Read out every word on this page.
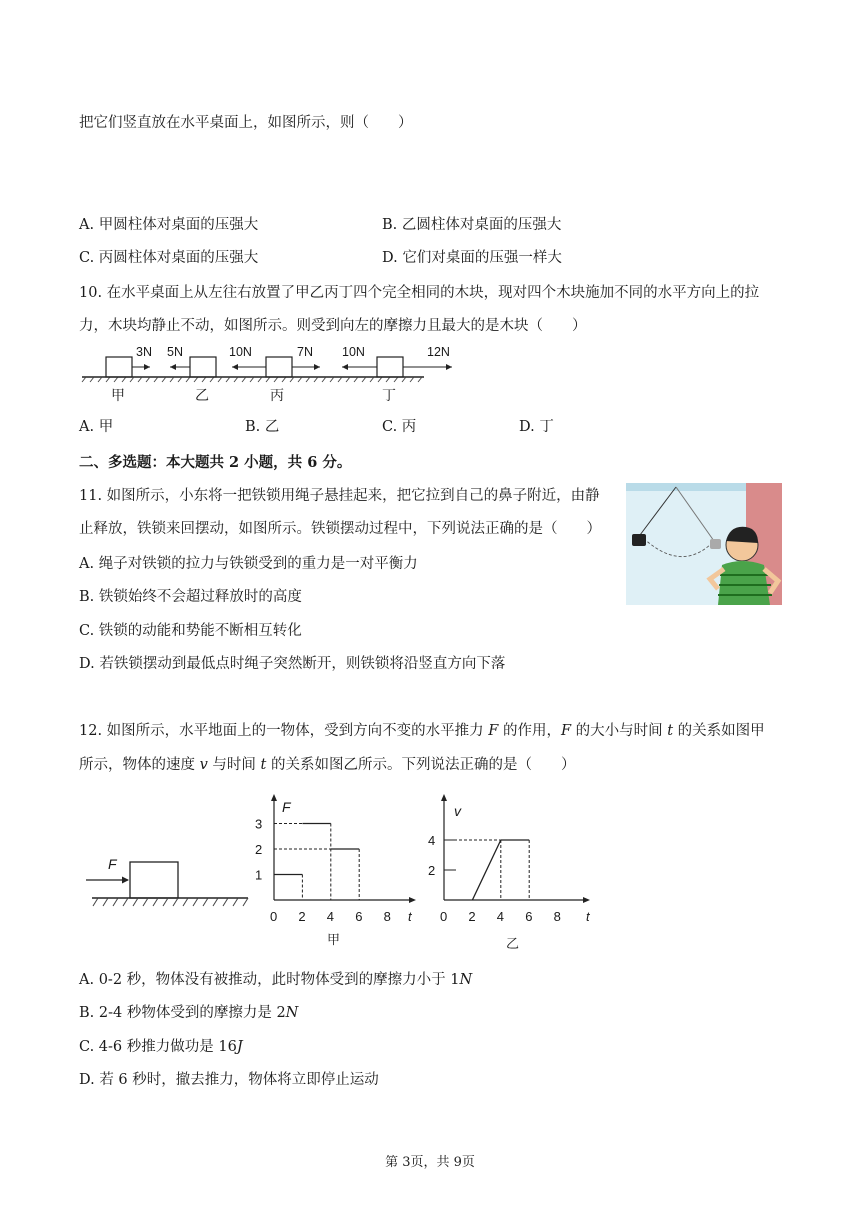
把它们竖直放在水平桌面上，如图所示，则（　　）
A. 甲圆柱体对桌面的压强大	B. 乙圆柱体对桌面的压强大
C. 丙圆柱体对桌面的压强大	D. 它们对桌面的压强一样大
10. 在水平桌面上从左往右放置了甲乙丙丁四个完全相同的木块，现对四个木块施加不同的水平方向上的拉
力，木块均静止不动，如图所示。则受到向左的摩擦力且最大的是木块（　　）
3N
甲
5N
乙
10N	7N
丙
10N	12N
丁
A. 甲	B. 乙	C. 丙	D. 丁
二、多选题：本大题共 2 小题，共 6 分。
11. 如图所示，小东将一把铁锁用绳子悬挂起来，把它拉到自己的鼻子附近，由静
止释放，铁锁来回摆动，如图所示。铁锁摆动过程中，下列说法正确的是（　　）
A. 绳子对铁锁的拉力与铁锁受到的重力是一对平衡力
B. 铁锁始终不会超过释放时的高度
C. 铁锁的动能和势能不断相互转化
D. 若铁锁摆动到最低点时绳子突然断开，则铁锁将沿竖直方向下落
12. 如图所示，水平地面上的一物体，受到方向不变的水平推力 F 的作用，F 的大小与时间 t 的关系如图甲
所示，物体的速度 v 与时间 t 的关系如图乙所示。下列说法正确的是（　　）
F
F
t
0 2 4 6 8
1
2
3
甲
v
t
0 2 4 6 8
2
4
乙
A. 0-2 秒，物体没有被推动，此时物体受到的摩擦力小于 1N
B. 2-4 秒物体受到的摩擦力是 2N
C. 4-6 秒推力做功是 16J
D. 若 6 秒时，撤去推力，物体将立即停止运动
第 3页，共 9页
